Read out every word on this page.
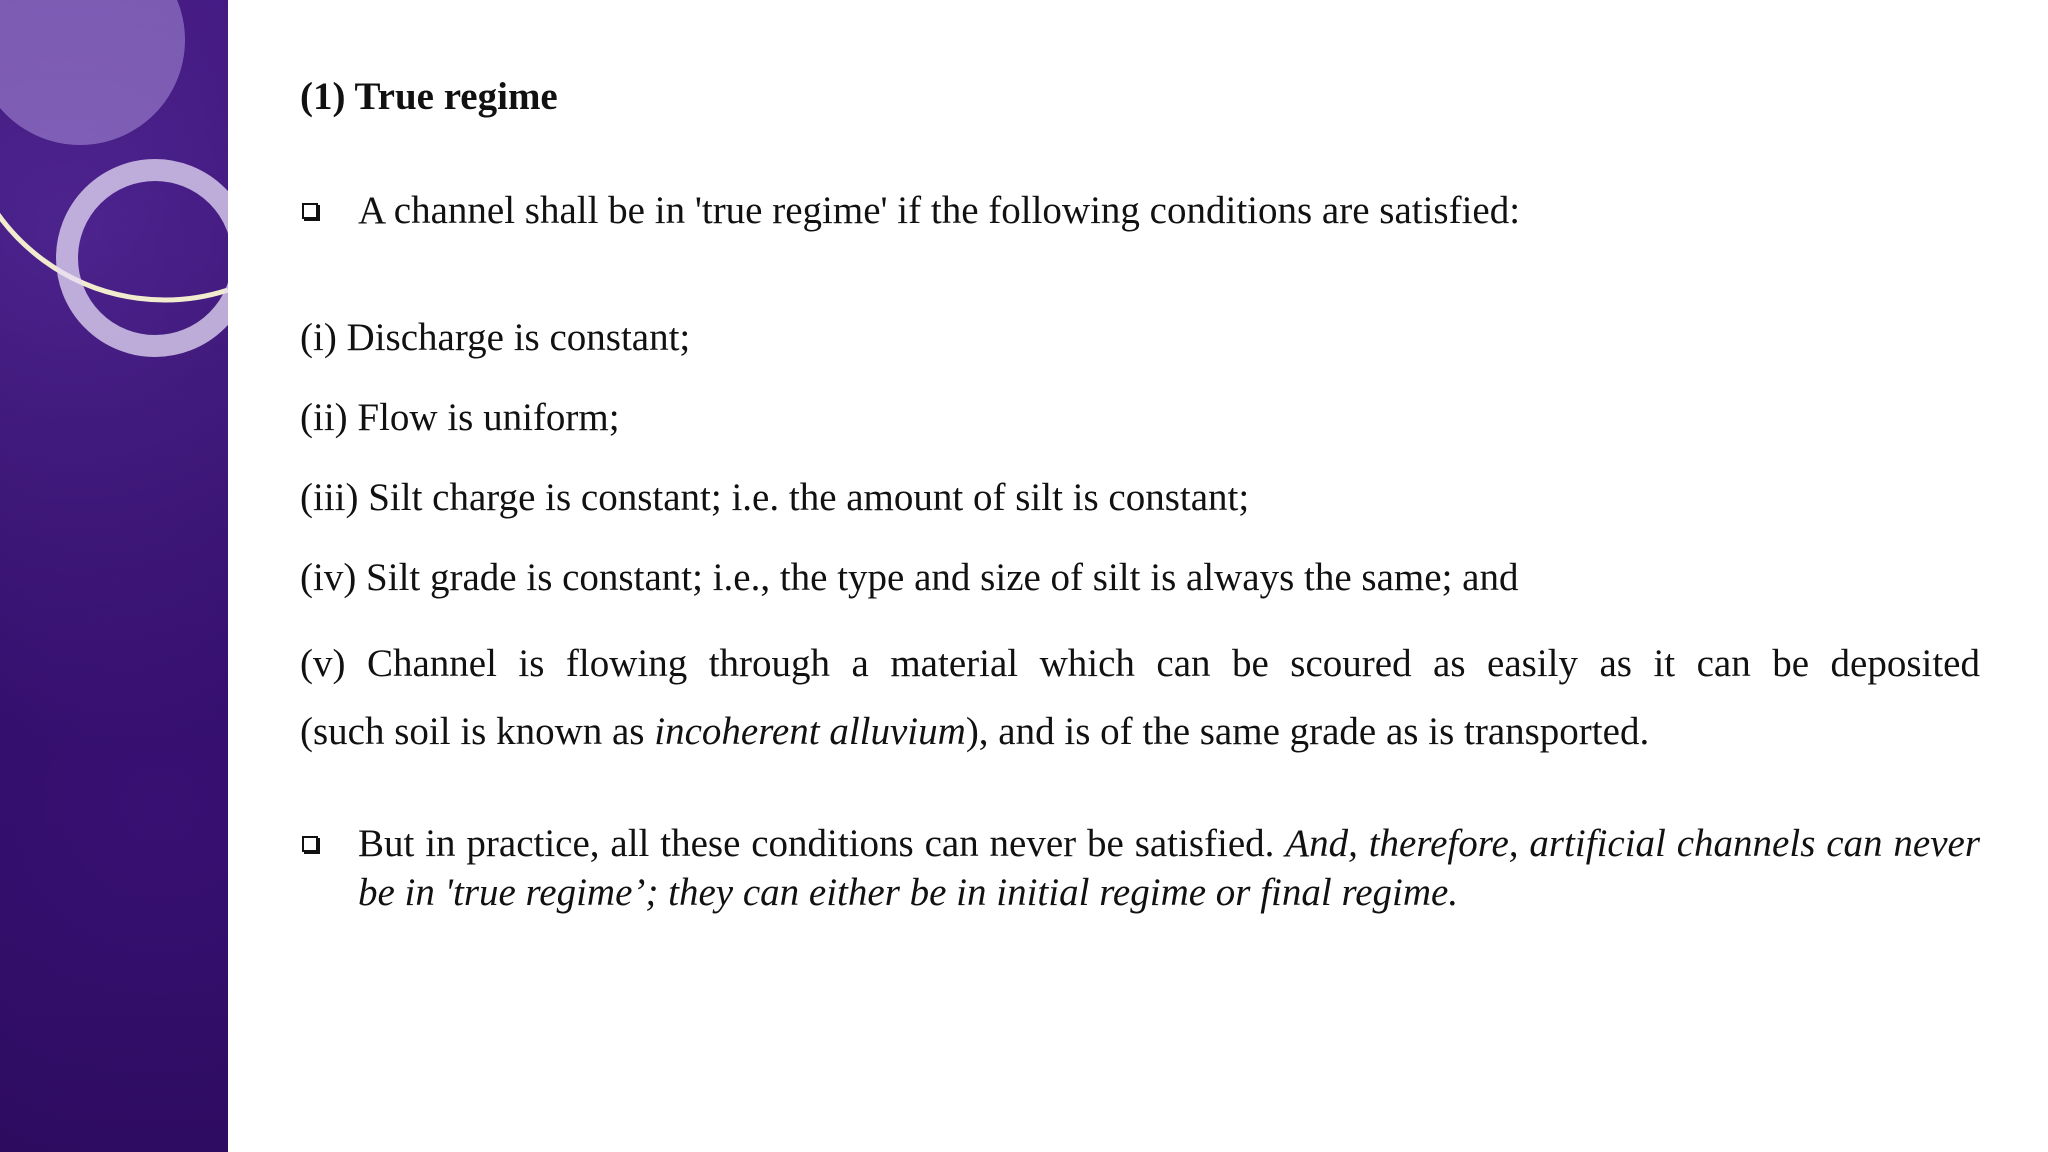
(1) True regime
A channel shall be in 'true regime' if the following conditions are satisfied:
(i) Discharge is constant;
(ii) Flow is uniform;
(iii) Silt charge is constant; i.e. the amount of silt is constant;
(iv) Silt grade is constant; i.e., the type and size of silt is always the same; and
(v) Channel is flowing through a material which can be scoured as easily as it can be deposited
(such soil is known as incoherent alluvium), and is of the same grade as is transported.
But in practice, all these conditions can never be satisfied. And, therefore, artificial channels can never be in 'true regime’; they can either be in initial regime or final regime.
